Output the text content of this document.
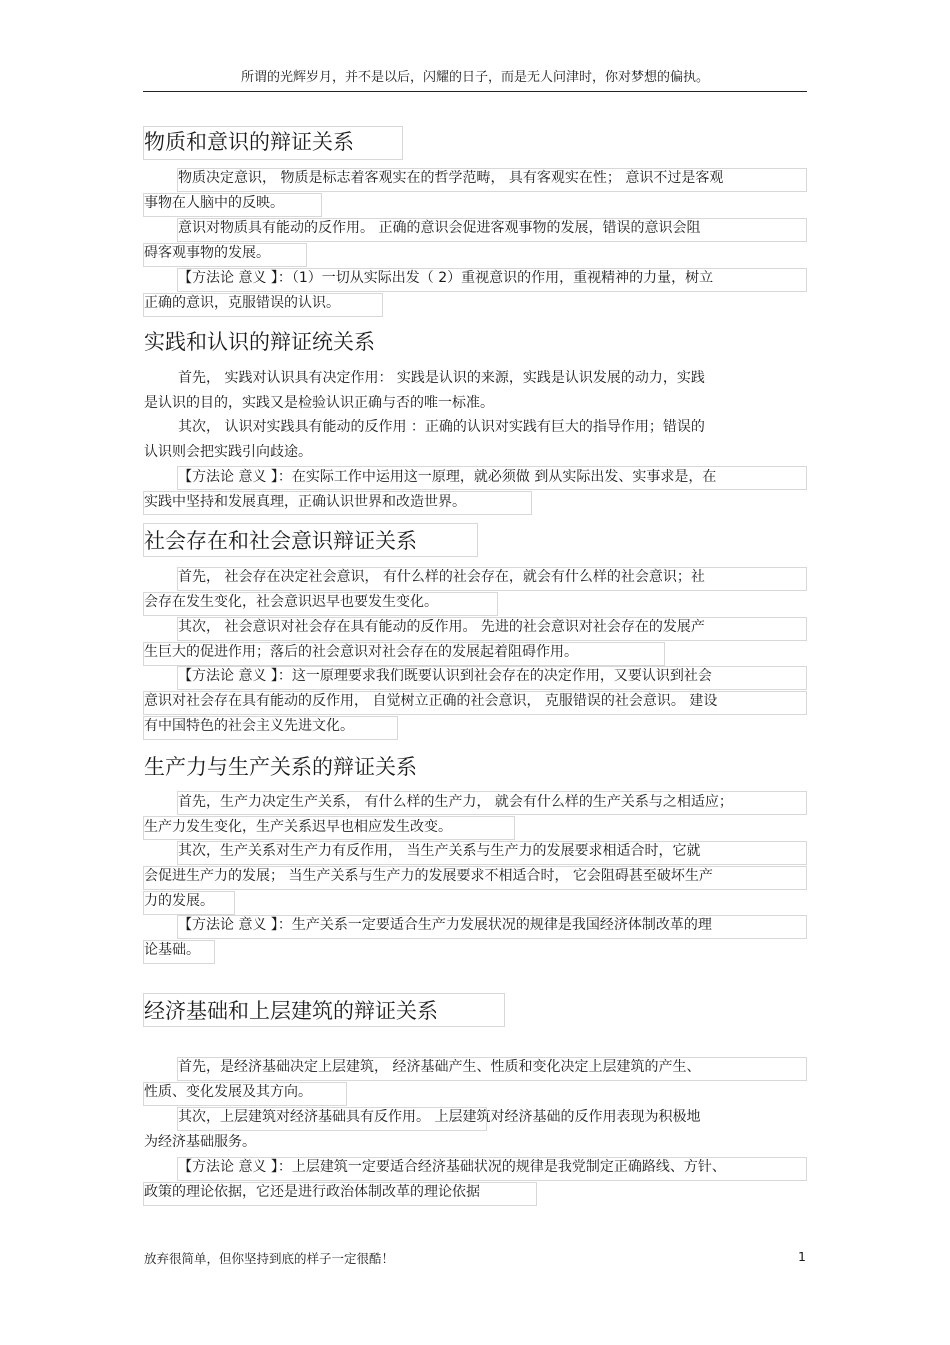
所谓的光辉岁月，并不是以后，闪耀的日子，而是无人问津时，你对梦想的偏执。
物质和意识的辩证关系
物质决定意识， 物质是标志着客观实在的哲学范畴， 具有客观实在性； 意识不过是客观
事物在人脑中的反映。
意识对物质具有能动的反作用。 正确的意识会促进客观事物的发展，错误的意识会阻
碍客观事物的发展。
【方法论 意义 】：（1）一切从实际出发（ 2）重视意识的作用，重视精神的力量，树立
正确的意识，克服错误的认识。
实践和认识的辩证统关系
首先， 实践对认识具有决定作用： 实践是认识的来源，实践是认识发展的动力，实践
是认识的目的，实践又是检验认识正确与否的唯一标准。
其次， 认识对实践具有能动的反作用 ：正确的认识对实践有巨大的指导作用；错误的
认识则会把实践引向歧途。
【方法论 意义 】：在实际工作中运用这一原理，就必须做 到从实际出发、实事求是，在
实践中坚持和发展真理，正确认识世界和改造世界。
社会存在和社会意识辩证关系
首先， 社会存在决定社会意识， 有什么样的社会存在，就会有什么样的社会意识；社
会存在发生变化，社会意识迟早也要发生变化。
其次， 社会意识对社会存在具有能动的反作用。 先进的社会意识对社会存在的发展产
生巨大的促进作用；落后的社会意识对社会存在的发展起着阻碍作用。
【方法论 意义 】：这一原理要求我们既要认识到社会存在的决定作用，又要认识到社会
意识对社会存在具有能动的反作用， 自觉树立正确的社会意识， 克服错误的社会意识。 建设
有中国特色的社会主义先进文化。
生产力与生产关系的辩证关系
首先，生产力决定生产关系， 有什么样的生产力， 就会有什么样的生产关系与之相适应；
生产力发生变化，生产关系迟早也相应发生改变。
其次，生产关系对生产力有反作用， 当生产关系与生产力的发展要求相适合时，它就
会促进生产力的发展； 当生产关系与生产力的发展要求不相适合时， 它会阻碍甚至破坏生产
力的发展。
【方法论 意义 】：生产关系一定要适合生产力发展状况的规律是我国经济体制改革的理
论基础。
经济基础和上层建筑的辩证关系
首先，是经济基础决定上层建筑， 经济基础产生、性质和变化决定上层建筑的产生、
性质、变化发展及其方向。
其次，上层建筑对经济基础具有反作用。 上层建筑对经济基础的反作用表现为积极地
为经济基础服务。
【方法论 意义 】：上层建筑一定要适合经济基础状况的规律是我党制定正确路线、方针、
政策的理论依据，它还是进行政治体制改革的理论依据
放弃很简单，但你坚持到底的样子一定很酷！	1
